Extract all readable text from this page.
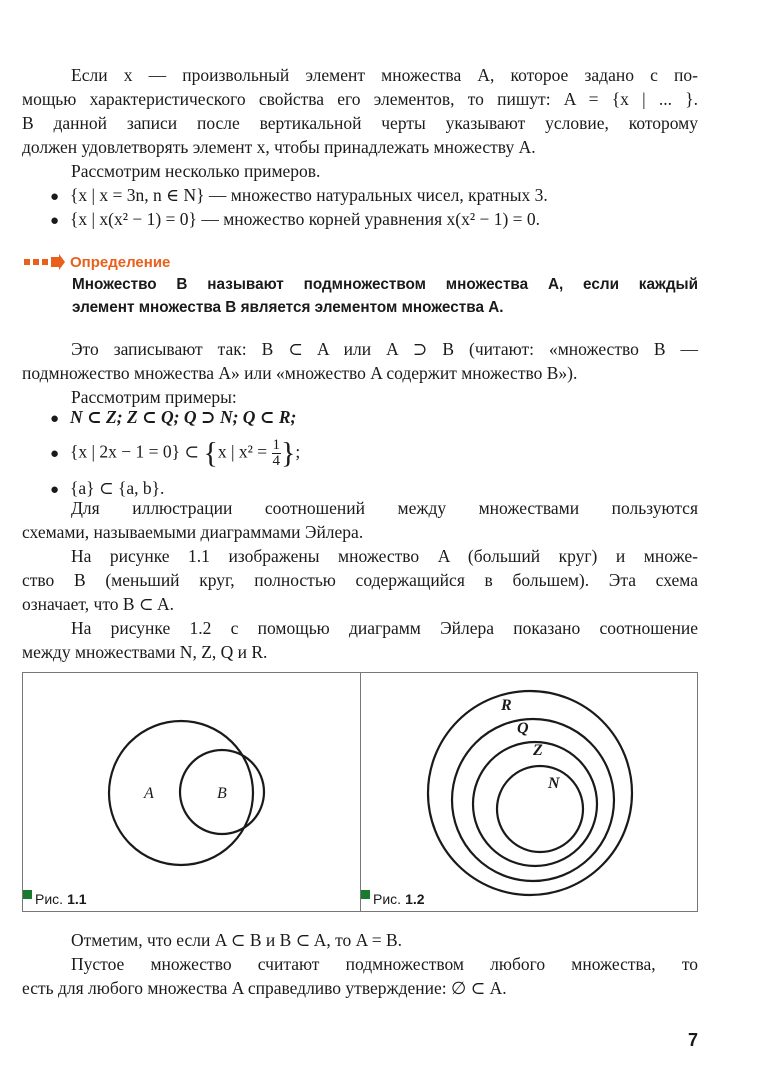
Если x — произвольный элемент множества A, которое задано с по-
мощью характеристического свойства его элементов, то пишут: A = {x | ... }.
В данной записи после вертикальной черты указывают условие, которому
должен удовлетворять элемент x, чтобы принадлежать множеству A.
Рассмотрим несколько примеров.
● {x | x = 3n, n ∈ N} — множество натуральных чисел, кратных 3.
● {x | x(x² − 1) = 0} — множество корней уравнения x(x² − 1) = 0.
Определение
Множество B называют подмножеством множества A, если каждый
элемент множества B является элементом множества A.
Это записывают так: B ⊂ A или A ⊃ B (читают: «множество B —
подмножество множества A» или «множество A содержит множество B»).
Рассмотрим примеры:
● N ⊂ Z; Z ⊂ Q; Q ⊃ N; Q ⊂ R;
● {x | 2x − 1 = 0} ⊂ {x | $x^2 = \frac{1}{4}$ };
● {a} ⊂ {a, b}.
Для иллюстрации соотношений между множествами пользуются
схемами, называемыми диаграммами Эйлера.
На рисунке 1.1 изображены множество A (больший круг) и множе-
ство B (меньший круг, полностью содержащийся в большем). Эта схема
означает, что B ⊂ A.
На рисунке 1.2 с помощью диаграмм Эйлера показано соотношение
между множествами N, Z, Q и R.
A	B
R
Q
Z
N
Рис. 1.1	Рис. 1.2
Отметим, что если A ⊂ B и B ⊂ A, то A = B.
Пустое множество считают подмножеством любого множества, то
есть для любого множества A справедливо утверждение: ∅ ⊂ A.
7
